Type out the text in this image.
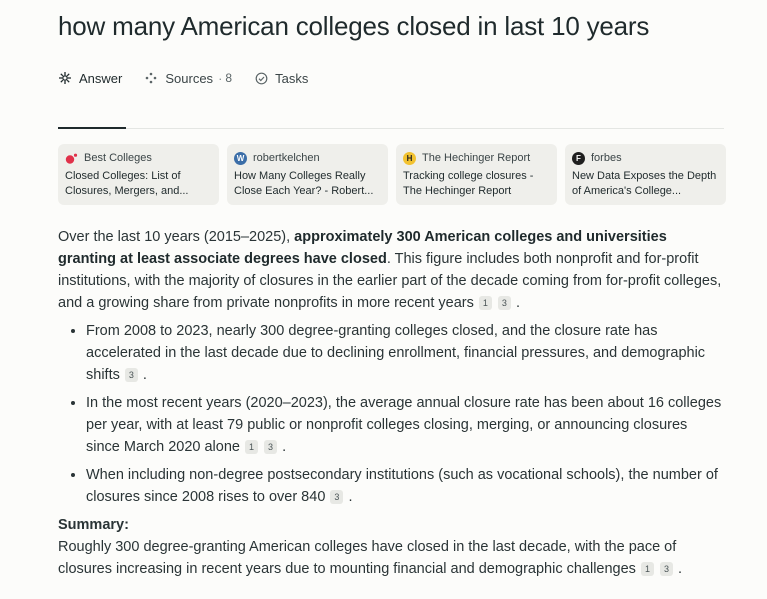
how many American colleges closed in last 10 years
Answer	Sources · 8	Tasks
Best Colleges
Closed Colleges: List of Closures, Mergers, and...
W robertkelchen
How Many Colleges Really Close Each Year? - Robert...
H The Hechinger Report
Tracking college closures - The Hechinger Report
F forbes
New Data Exposes the Depth of America's College...

Over the last 10 years (2015–2025), approximately 300 American colleges and universities granting at least associate degrees have closed. This figure includes both nonprofit and for-profit institutions, with the majority of closures in the earlier part of the decade coming from for-profit colleges, and a growing share from private nonprofits in more recent years 1 3 .

• From 2008 to 2023, nearly 300 degree-granting colleges closed, and the closure rate has accelerated in the last decade due to declining enrollment, financial pressures, and demographic shifts 3 .
• In the most recent years (2020–2023), the average annual closure rate has been about 16 colleges per year, with at least 79 public or nonprofit colleges closing, merging, or announcing closures since March 2020 alone 1 3 .
• When including non-degree postsecondary institutions (such as vocational schools), the number of closures since 2008 rises to over 840 3 .

Summary:

Roughly 300 degree-granting American colleges have closed in the last decade, with the pace of closures increasing in recent years due to mounting financial and demographic challenges 1 3 .
